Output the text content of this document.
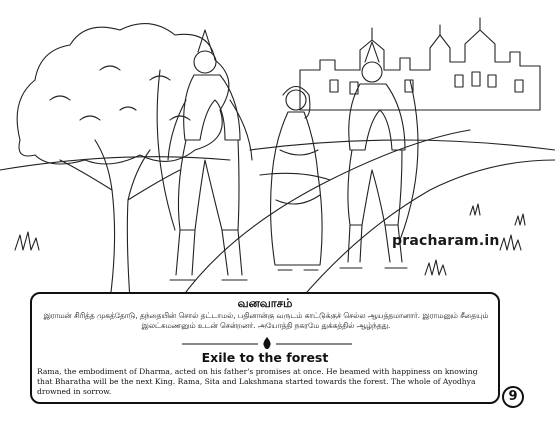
pracharam.in
வனவாசம்
இராமன் சிரித்த முகத்தோடு, தந்தையின் சொல் தட்டாமல், பதினான்கு வருடம் காட்டுக்குச் செல்ல ஆயத்தமானார். இராமனும் சீதையும் இலட்சுமணனும் உடன் சென்றனர். அயோத்தி நகரமே துக்கத்தில் ஆழ்ந்தது.
Exile to the forest
Rama, the embodiment of Dharma, acted on his father's promises at once. He beamed with happiness on knowing that Bharatha will be the next King. Rama, Sita and Lakshmana started towards the forest. The whole of Ayodhya drowned in sorrow.	9
